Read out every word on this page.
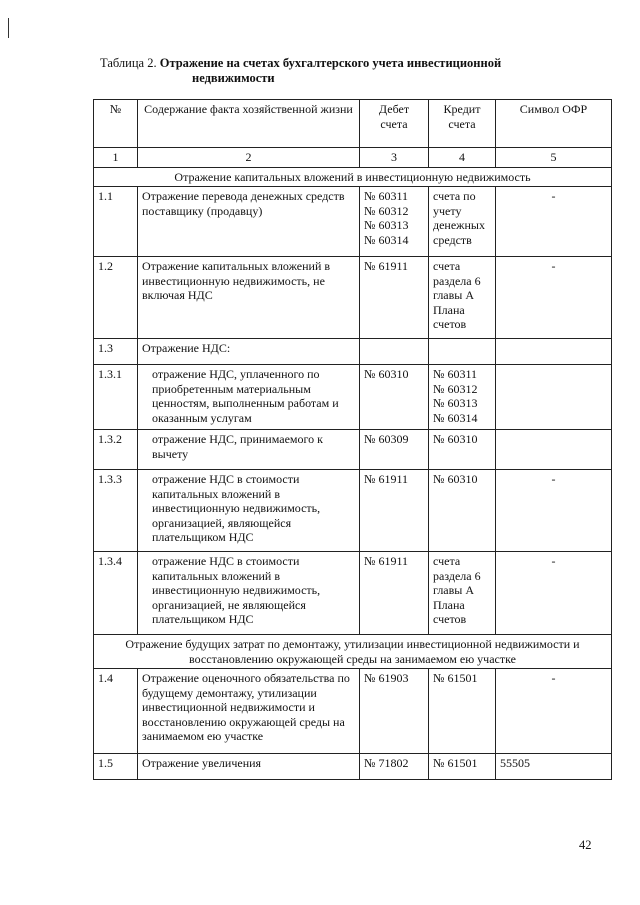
Таблица 2. Отражение на счетах бухгалтерского учета инвестиционной
недвижимости
№	Содержание факта хозяйственной жизни	Дебет счета	Кредит счета	Символ ОФР
1	2	3	4	5
Отражение капитальных вложений в инвестиционную недвижимость				
1.1	Отражение перевода денежных средств поставщику (продавцу)	№ 60311
№ 60312
№ 60313
№ 60314	счета по
учету
денежных
средств	-

1.2	Отражение капитальных вложений в инвестиционную недвижимость, не включая НДС	№ 61911	счета
раздела 6
главы А
Плана
счетов	-

1.3	Отражение НДС:			
1.3.1	отражение НДС, уплаченного по приобретенным материальным ценностям, выполненным работам и оказанным услугам	№ 60310	№ 60311
№ 60312
№ 60313
№ 60314	

1.3.2	отражение НДС, принимаемого к вычету	№ 60309	№ 60310	

1.3.3	отражение НДС в стоимости капитальных вложений в инвестиционную недвижимость, организацией, являющейся плательщиком НДС	№ 61911	№ 60310	-

1.3.4	отражение НДС в стоимости капитальных вложений в инвестиционную недвижимость, организацией, не являющейся плательщиком НДС	№ 61911	счета
раздела 6
главы А
Плана
счетов	-

Отражение будущих затрат по демонтажу, утилизации инвестиционной недвижимости и восстановлению окружающей среды на занимаемом ею участке				
1.4	Отражение оценочного обязательства по будущему демонтажу, утилизации инвестиционной недвижимости и восстановлению окружающей среды на занимаемом ею участке	№ 61903	№ 61501	-

1.5	Отражение увеличения	№ 71802	№ 61501	55505
42
